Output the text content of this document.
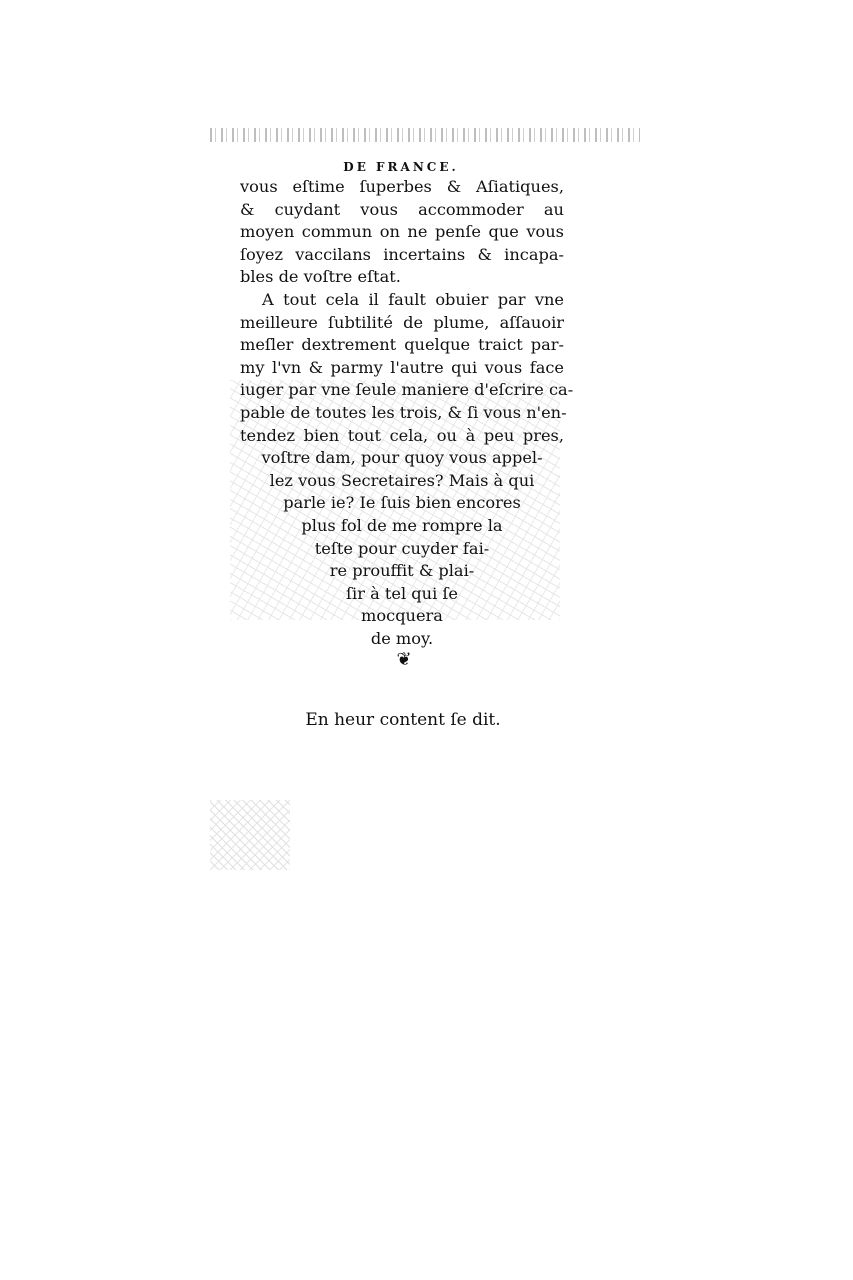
DE FRANCE.
vous eſtime ſuperbes & Aſiatiques,
& cuydant vous accommoder au
moyen commun on ne penſe que vous
ſoyez vaccilans incertains & incapa-
bles de voſtre eſtat.
A tout cela il fault obuier par vne
meilleure ſubtilité de plume, aſſauoir
meſler dextrement quelque traict par-
my l'vn & parmy l'autre qui vous face
iuger par vne ſeule maniere d'eſcrire ca-
pable de toutes les trois, & ſi vous n'en-
tendez bien tout cela, ou à peu pres,
voſtre dam, pour quoy vous appel-
lez vous Secretaires? Mais à qui
parle ie? Ie ſuis bien encores
plus fol de me rompre la
teſte pour cuyder fai-
re prouffit & plai-
ſir à tel qui ſe
mocquera
de moy.
❦
En heur content ſe dit.
